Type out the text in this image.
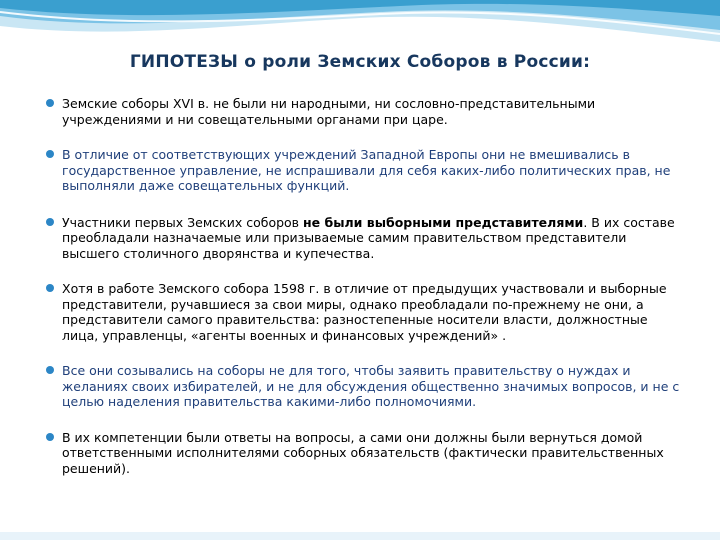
ГИПОТЕЗЫ о роли Земских Соборов в России:
Земские соборы XVI в. не были ни народными, ни сословно-представительными учреждениями и ни совещательными органами при царе.
В отличие от соответствующих учреждений Западной Европы они не вмешивались в государственное управление, не испрашивали для себя каких-либо политических прав, не выполняли даже совещательных функций.
Участники первых Земских соборов не были выборными представителями. В их составе преобладали назначаемые или призываемые самим правительством представители высшего столичного дворянства и купечества.
Хотя в работе Земского собора 1598 г. в отличие от предыдущих участвовали и выборные представители, ручавшиеся за свои миры, однако преобладали по-прежнему не они, а представители самого правительства: разностепенные носители власти, должностные лица, управленцы, «агенты военных и финансовых учреждений» .
Все они созывались на соборы не для того, чтобы заявить правительству о нуждах и желаниях своих избирателей, и не для обсуждения общественно значимых вопросов, и не с целью наделения правительства какими-либо полномочиями.
В их компетенции были ответы на вопросы, а сами они должны были вернуться домой ответственными исполнителями соборных обязательств (фактически правительственных решений).
